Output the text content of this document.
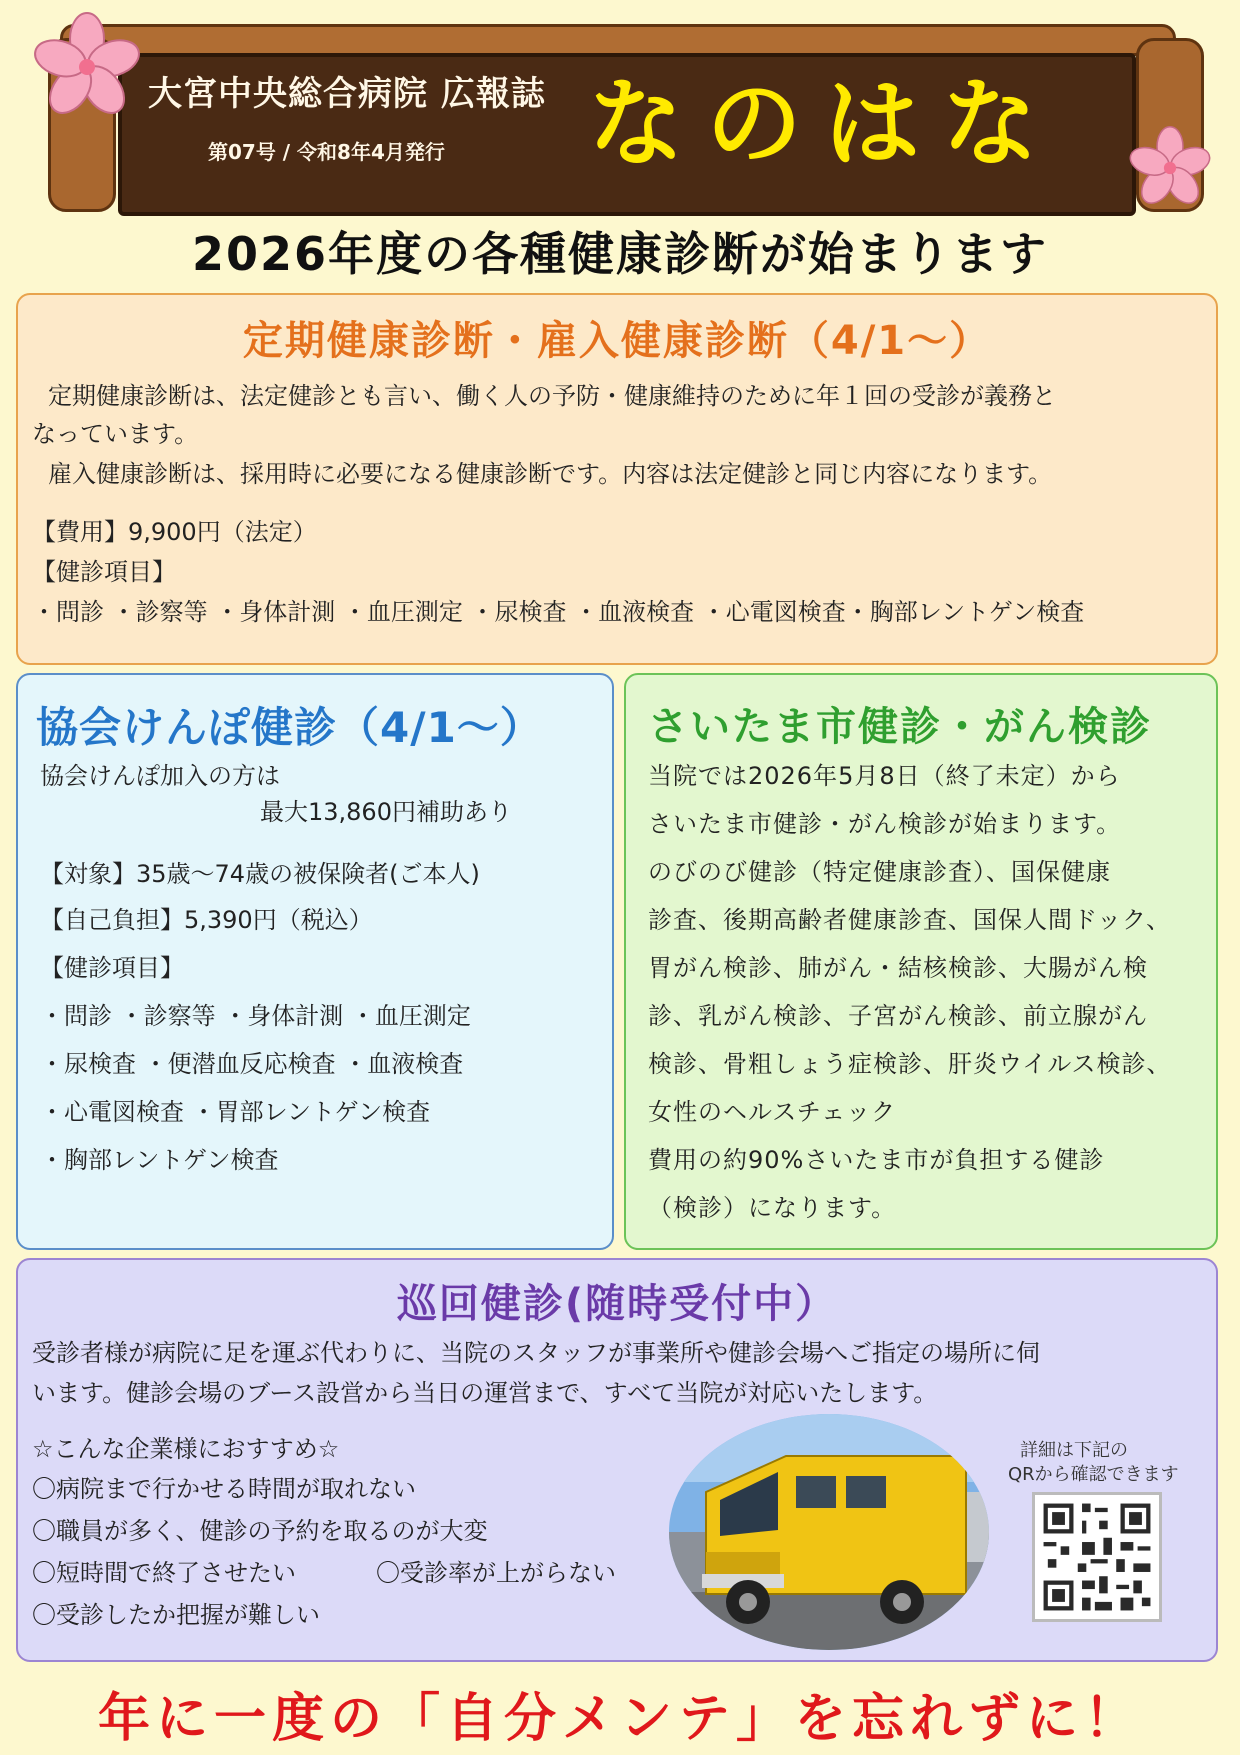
大宮中央総合病院 広報誌
第07号 / 令和8年4月発行 なのはな
2026年度の各種健康診断が始まります
定期健康診断・雇入健康診断（4/1～）
定期健康診断は、法定健診とも言い、働く人の予防・健康維持のために年１回の受診が義務と
なっています。
雇入健康診断は、採用時に必要になる健康診断です。内容は法定健診と同じ内容になります。
【費用】9,900円（法定）
【健診項目】
・問診 ・診察等 ・身体計測 ・血圧測定 ・尿検査 ・血液検査 ・心電図検査・胸部レントゲン検査
協会けんぽ健診（4/1～）
協会けんぽ加入の方は
最大13,860円補助あり
【対象】35歳～74歳の被保険者(ご本人)
【自己負担】5,390円（税込）
【健診項目】
・問診 ・診察等 ・身体計測 ・血圧測定
・尿検査 ・便潜血反応検査 ・血液検査
・心電図検査 ・胃部レントゲン検査
・胸部レントゲン検査
さいたま市健診・がん検診
当院では2026年5月8日（終了未定）から
さいたま市健診・がん検診が始まります。
のびのび健診（特定健康診査）、国保健康
診査、後期高齢者健康診査、国保人間ドック、
胃がん検診、肺がん・結核検診、大腸がん検
診、乳がん検診、子宮がん検診、前立腺がん
検診、骨粗しょう症検診、肝炎ウイルス検診、
女性のヘルスチェック
費用の約90%さいたま市が負担する健診
（検診）になります。
巡回健診(随時受付中）
受診者様が病院に足を運ぶ代わりに、当院のスタッフが事業所や健診会場へご指定の場所に伺
います。健診会場のブース設営から当日の運営まで、すべて当院が対応いたします。
☆こんな企業様におすすめ☆
〇病院まで行かせる時間が取れない
〇職員が多く、健診の予約を取るのが大変
〇短時間で終了させたい	〇受診率が上がらない
〇受診したか把握が難しい
詳細は下記の
QRから確認できます
年に一度の「自分メンテ」を忘れずに！
